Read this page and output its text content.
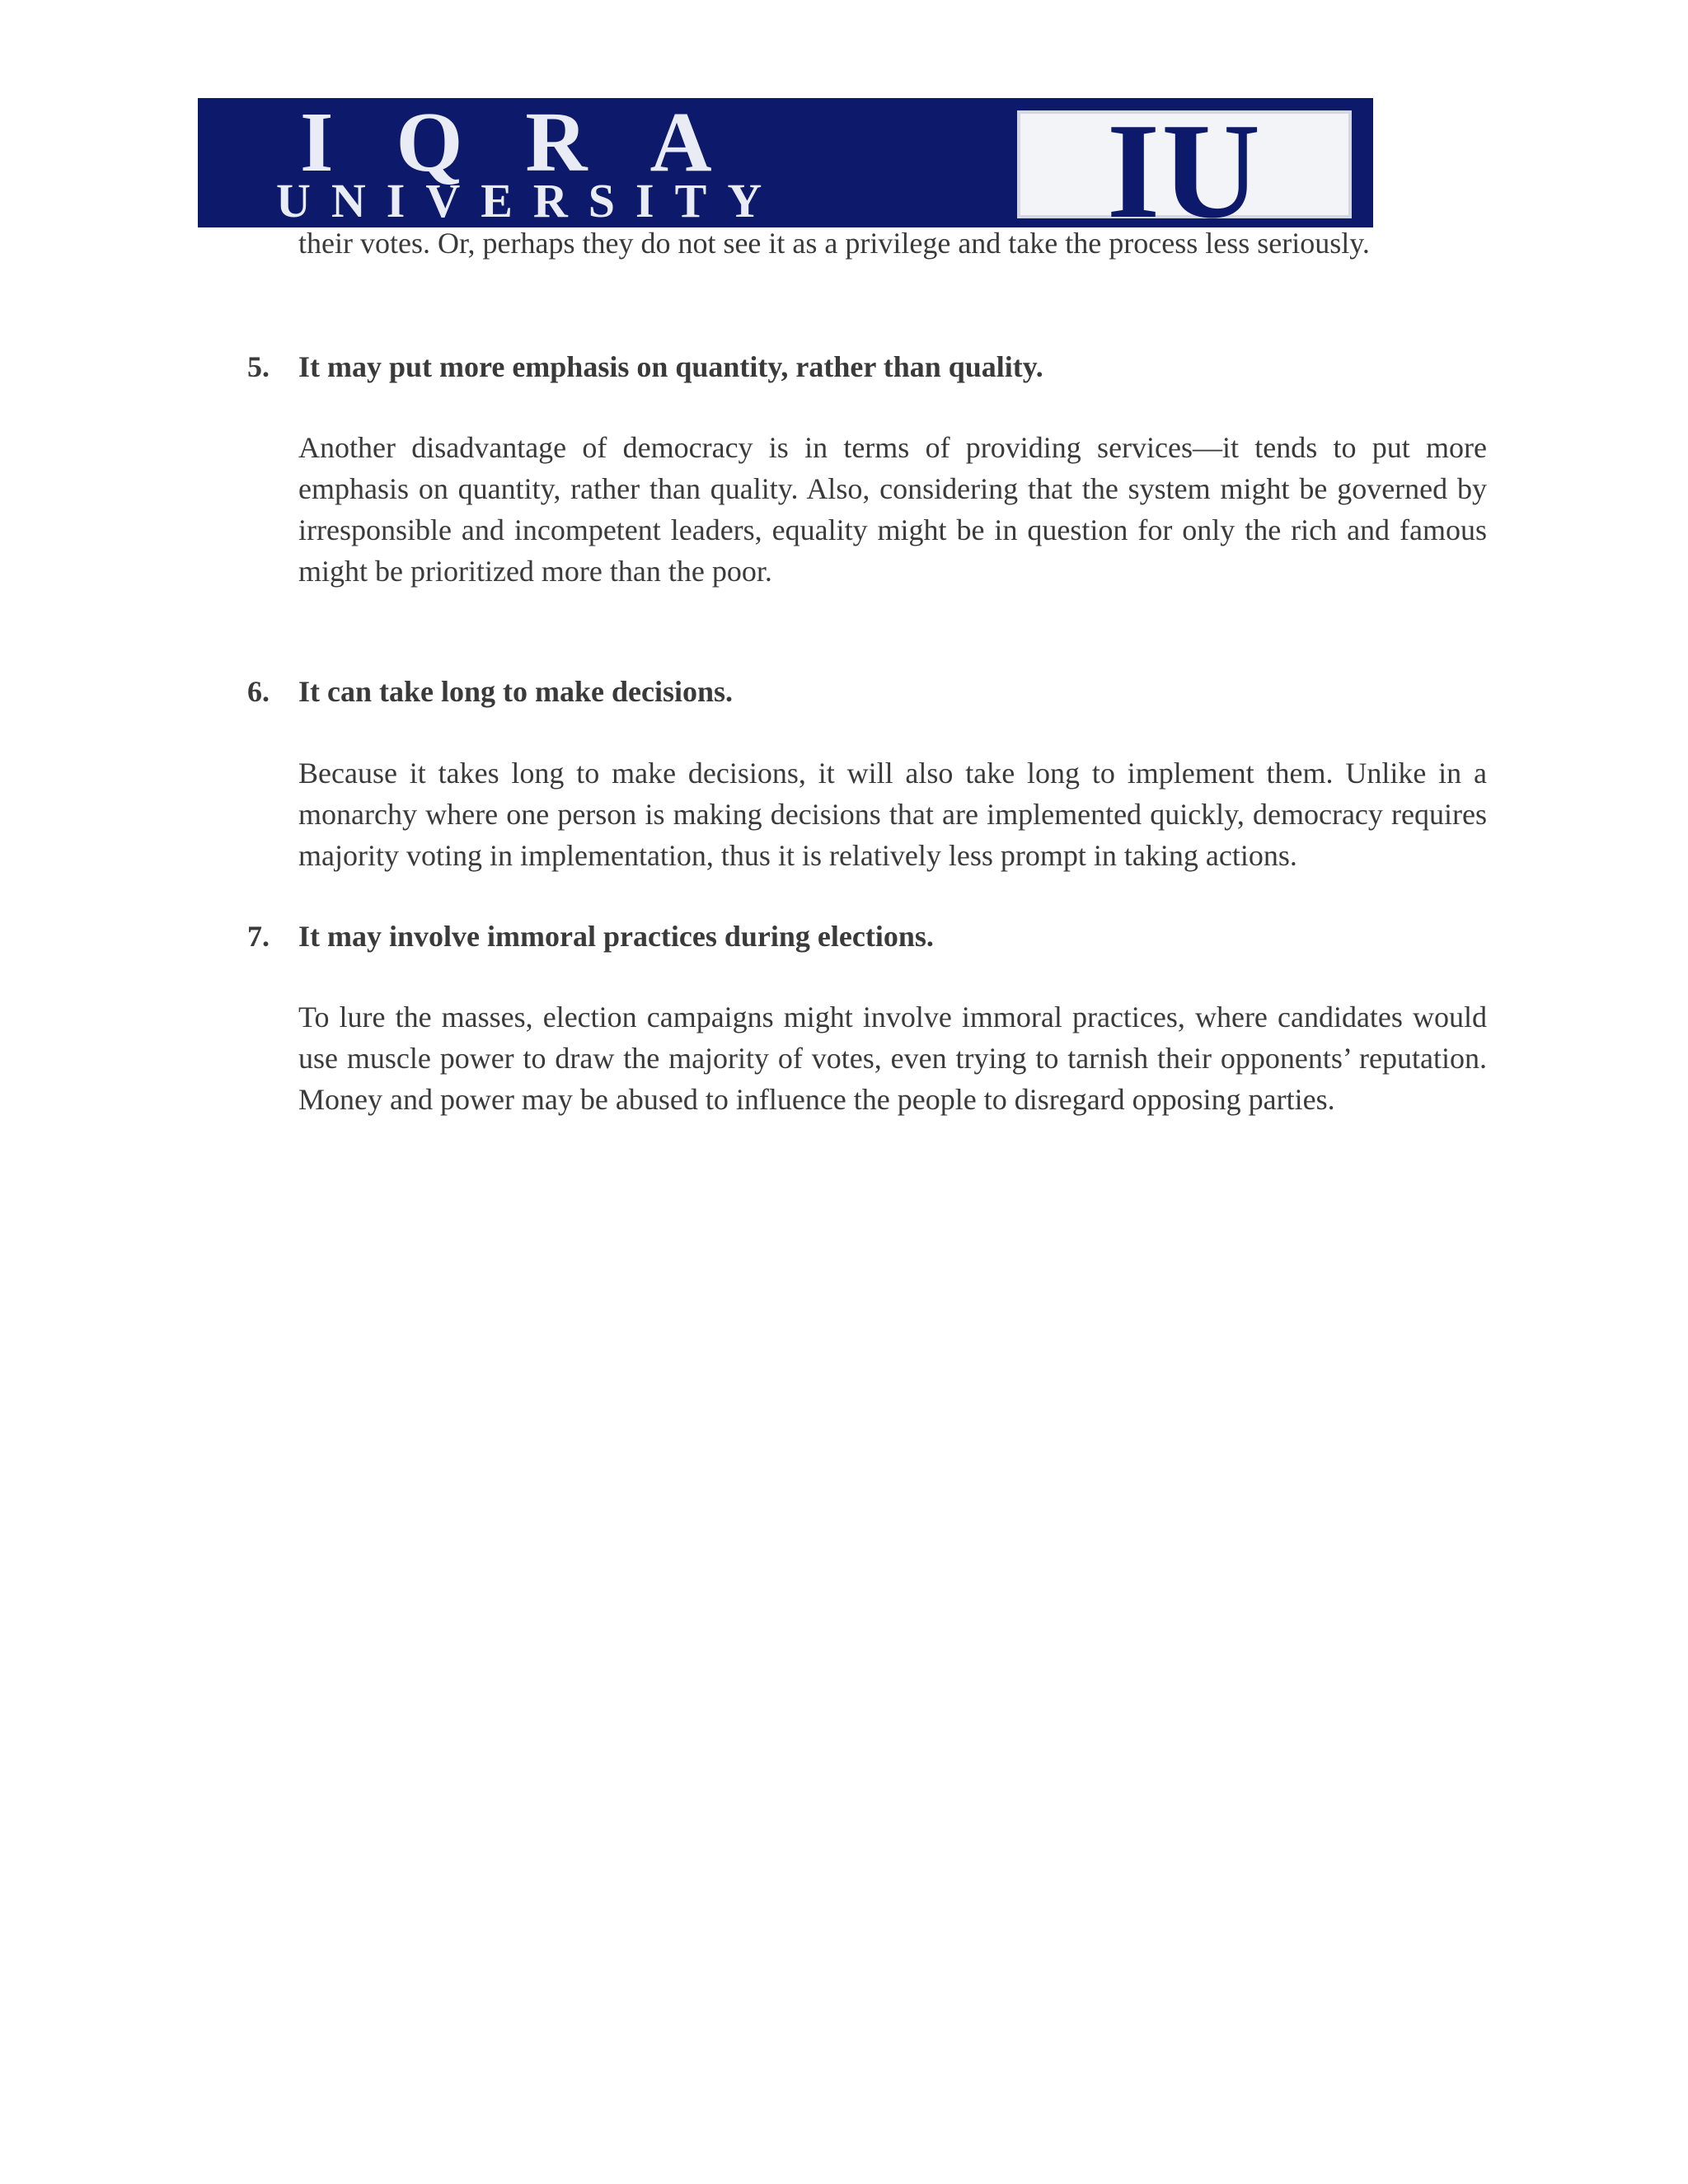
IQRA
UNIVERSITY	IU
their votes. Or, perhaps they do not see it as a privilege and take the process less seriously.
5. It may put more emphasis on quantity, rather than quality.
Another disadvantage of democracy is in terms of providing services—it tends to put more emphasis on quantity, rather than quality. Also, considering that the system might be governed by irresponsible and incompetent leaders, equality might be in question for only the rich and famous might be prioritized more than the poor.
6. It can take long to make decisions.
Because it takes long to make decisions, it will also take long to implement them. Unlike in a monarchy where one person is making decisions that are implemented quickly, democracy requires majority voting in implementation, thus it is relatively less prompt in taking actions.
7. It may involve immoral practices during elections.
To lure the masses, election campaigns might involve immoral practices, where candidates would use muscle power to draw the majority of votes, even trying to tarnish their opponents’ reputation. Money and power may be abused to influence the people to disregard opposing parties.
